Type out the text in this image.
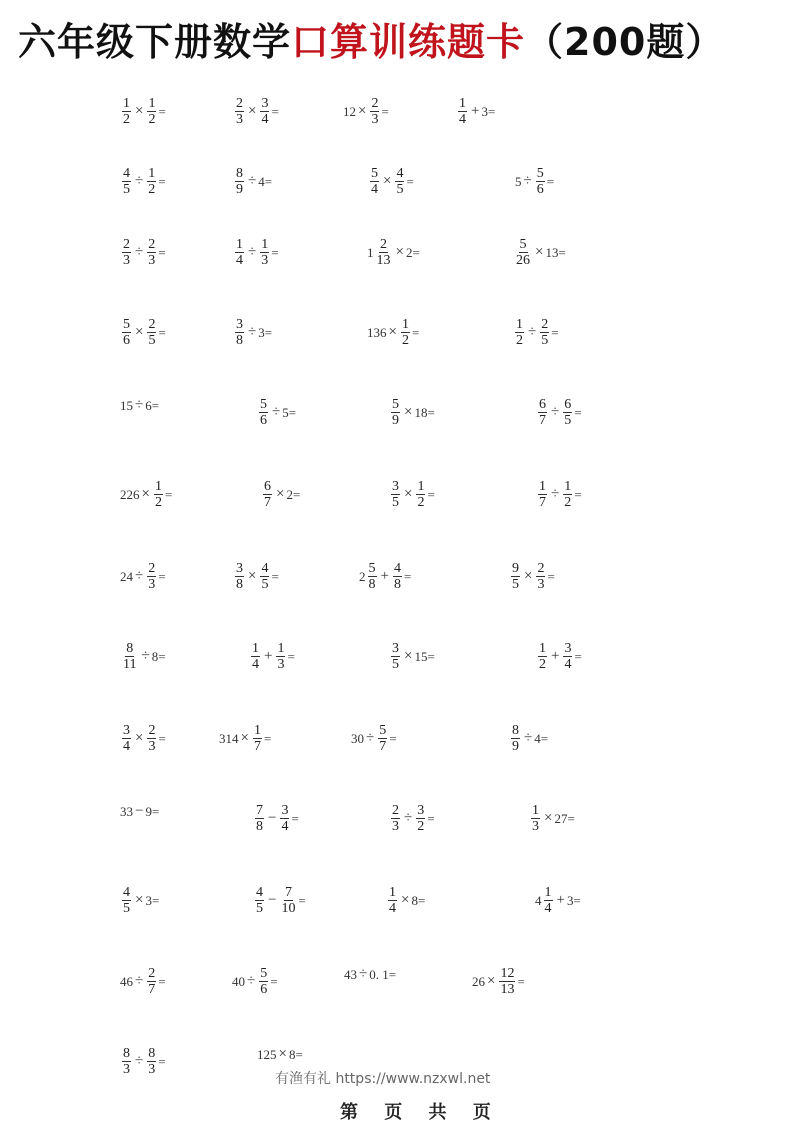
六年级下册数学口算训练题卡（200题）
$\frac{1}{2} \times \frac{1}{2}$ =	$\frac{2}{3} \times \frac{3}{4}$ =	$12 \times \frac{2}{3}$ =	$\frac{1}{4} + 3=$
$\frac{4}{5} \div \frac{1}{2}$ =	$\frac{8}{9} \div 4=$	$\frac{5}{4} \times \frac{4}{5}$ =	$5 \div \frac{5}{6}$ =
$\frac{2}{3} \div \frac{2}{3}$ =	$\frac{1}{4} \div \frac{1}{3}$ =	$1 \frac{2}{13} \times 2=$	$\frac{5}{26} \times 13=$
$\frac{5}{6} \times \frac{2}{5}$ =	$\frac{3}{8} \div 3=$	$136 \times \frac{1}{2}$ =	$\frac{1}{2} \div \frac{2}{5}$ =
15 ÷ 6=	$\frac{5}{6} \div 5=$	$\frac{5}{9} \times 18=$	$\frac{6}{7} \div \frac{6}{5}$ =
$226 \times \frac{1}{2}$ =	$\frac{6}{7} \times 2=$	$\frac{3}{5} \times \frac{1}{2}$ =	$\frac{1}{7} \div \frac{1}{2}$ =
$24 \div \frac{2}{3}$ =	$\frac{3}{8} \times \frac{4}{5}$ =	$2 \frac{5}{8} + \frac{4}{8}$ =	$\frac{9}{5} \times \frac{2}{3}$ =
$\frac{8}{11} \div 8=$	$\frac{1}{4} + \frac{1}{3}$ =	$\frac{3}{5} \times 15=$	$\frac{1}{2} + \frac{3}{4}$ =
$\frac{3}{4} \times \frac{2}{3}$ =	$314 \times \frac{1}{7}$ =	$30 \div \frac{5}{7}$ =	$\frac{8}{9} \div 4=$
33 − 9=	$\frac{7}{8} - \frac{3}{4}$ =	$\frac{2}{3} \div \frac{3}{2}$ =	$\frac{1}{3} \times 27=$
$\frac{4}{5} \times 3=$	$\frac{4}{5} - \frac{7}{10}$ =	$\frac{1}{4} \times 8=$	$4 \frac{1}{4} + 3=$
$46 \div \frac{2}{7}$ =	$40 \div \frac{5}{6}$ =	43 ÷ 0. 1=	$26 \times \frac{12}{13}$ =
$\frac{8}{3} \div \frac{8}{3}$ =	125 × 8=
有渔有礼 https://www.nzxwl.net
第 页 共 页
